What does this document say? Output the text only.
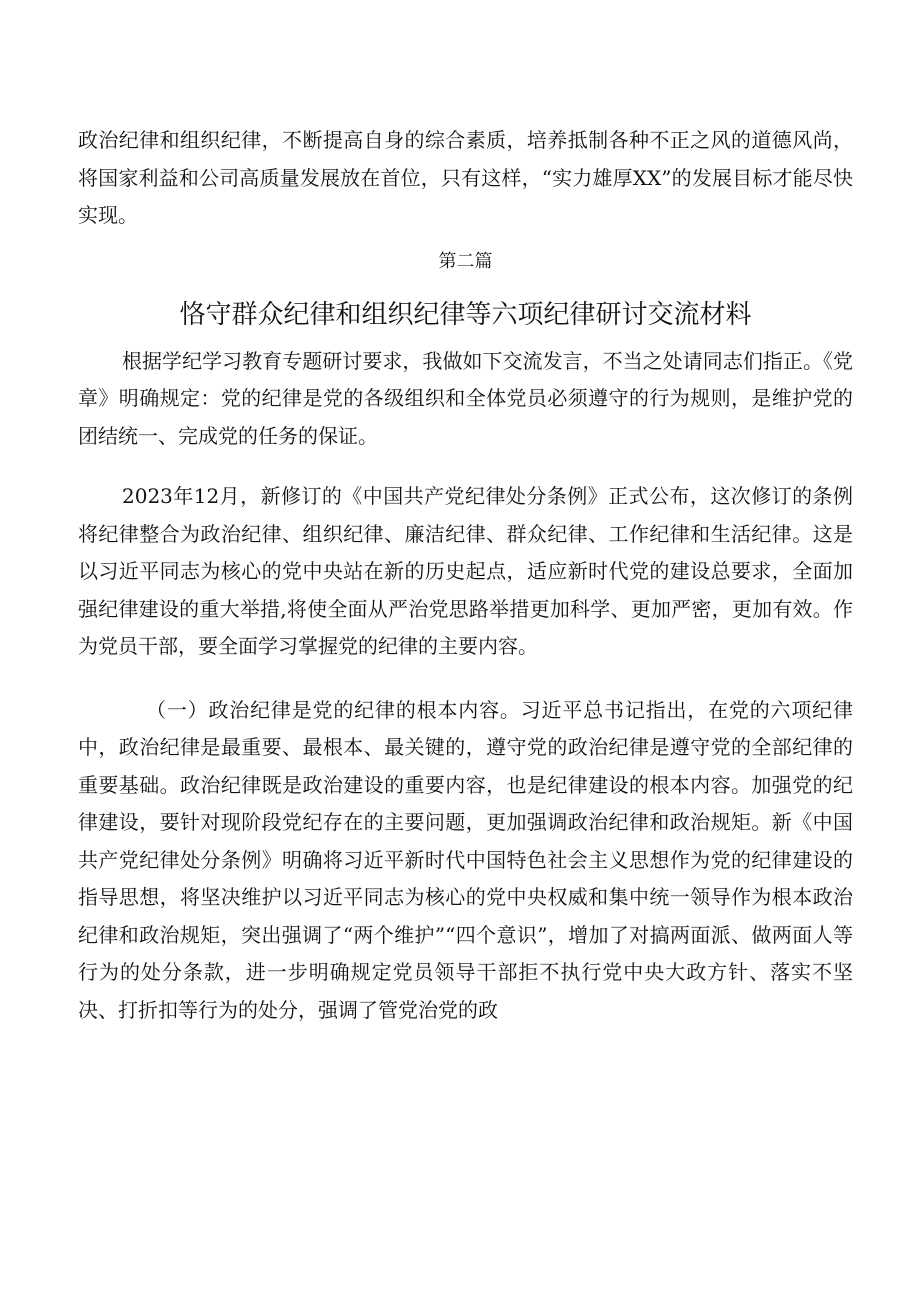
政治纪律和组织纪律，不断提高自身的综合素质，培养抵制各种不正之风的道德风尚，将国家利益和公司高质量发展放在首位，只有这样，“实力雄厚XX”的发展目标才能尽快实现。

第二篇

恪守群众纪律和组织纪律等六项纪律研讨交流材料

根据学纪学习教育专题研讨要求，我做如下交流发言，不当之处请同志们指正。《党章》明确规定：党的纪律是党的各级组织和全体党员必须遵守的行为规则，是维护党的团结统一、完成党的任务的保证。

2023年12月，新修订的《中国共产党纪律处分条例》正式公布，这次修订的条例将纪律整合为政治纪律、组织纪律、廉洁纪律、群众纪律、工作纪律和生活纪律。这是以习近平同志为核心的党中央站在新的历史起点，适应新时代党的建设总要求，全面加强纪律建设的重大举措,将使全面从严治党思路举措更加科学、更加严密，更加有效。作为党员干部，要全面学习掌握党的纪律的主要内容。

（一）政治纪律是党的纪律的根本内容。习近平总书记指出，在党的六项纪律中，政治纪律是最重要、最根本、最关键的，遵守党的政治纪律是遵守党的全部纪律的重要基础。政治纪律既是政治建设的重要内容，也是纪律建设的根本内容。加强党的纪律建设，要针对现阶段党纪存在的主要问题，更加强调政治纪律和政治规矩。新《中国共产党纪律处分条例》明确将习近平新时代中国特色社会主义思想作为党的纪律建设的指导思想，将坚决维护以习近平同志为核心的党中央权威和集中统一领导作为根本政治纪律和政治规矩，突出强调了“两个维护”“四个意识”，增加了对搞两面派、做两面人等行为的处分条款，进一步明确规定党员领导干部拒不执行党中央大政方针、落实不坚决、打折扣等行为的处分，强调了管党治党的政
